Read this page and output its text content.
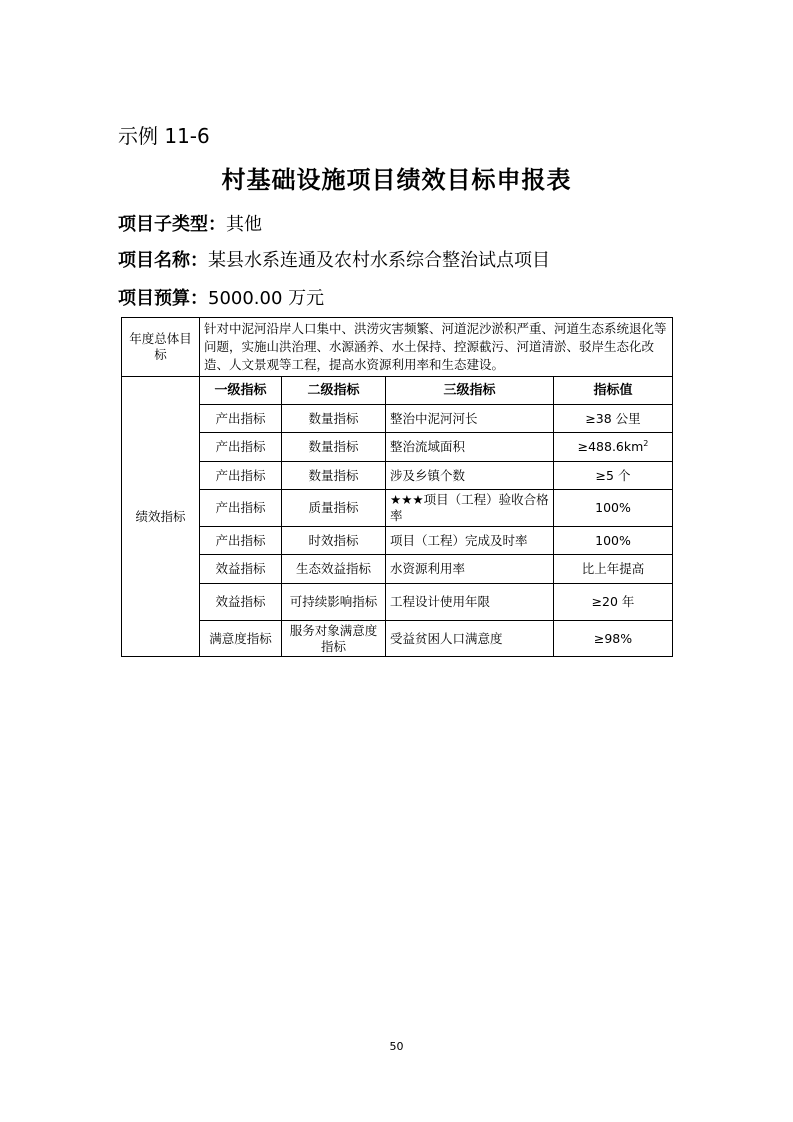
示例 11-6
村基础设施项目绩效目标申报表
项目子类型：其他
项目名称：某县水系连通及农村水系综合整治试点项目
项目预算：5000.00 万元
年度总体目标	针对中泥河沿岸人口集中、洪涝灾害频繁、河道泥沙淤积严重、河道生态系统退化等问题，实施山洪治理、水源涵养、水土保持、控源截污、河道清淤、驳岸生态化改造、人文景观等工程，提高水资源利用率和生态建设。			
绩效指标	一级指标	二级指标	三级指标	指标值
	产出指标	数量指标	整治中泥河河长	≥38 公里
	产出指标	数量指标	整治流域面积	$\ge 488.6km^2$
	产出指标	数量指标	涉及乡镇个数	≥5 个
	产出指标	质量指标	★★★项目（工程）验收合格率	100%
	产出指标	时效指标	项目（工程）完成及时率	100%
	效益指标	生态效益指标	水资源利用率	比上年提高
	效益指标	可持续影响指标	工程设计使用年限	≥20 年
	满意度指标	服务对象满意度指标	受益贫困人口满意度	≥98%
50
